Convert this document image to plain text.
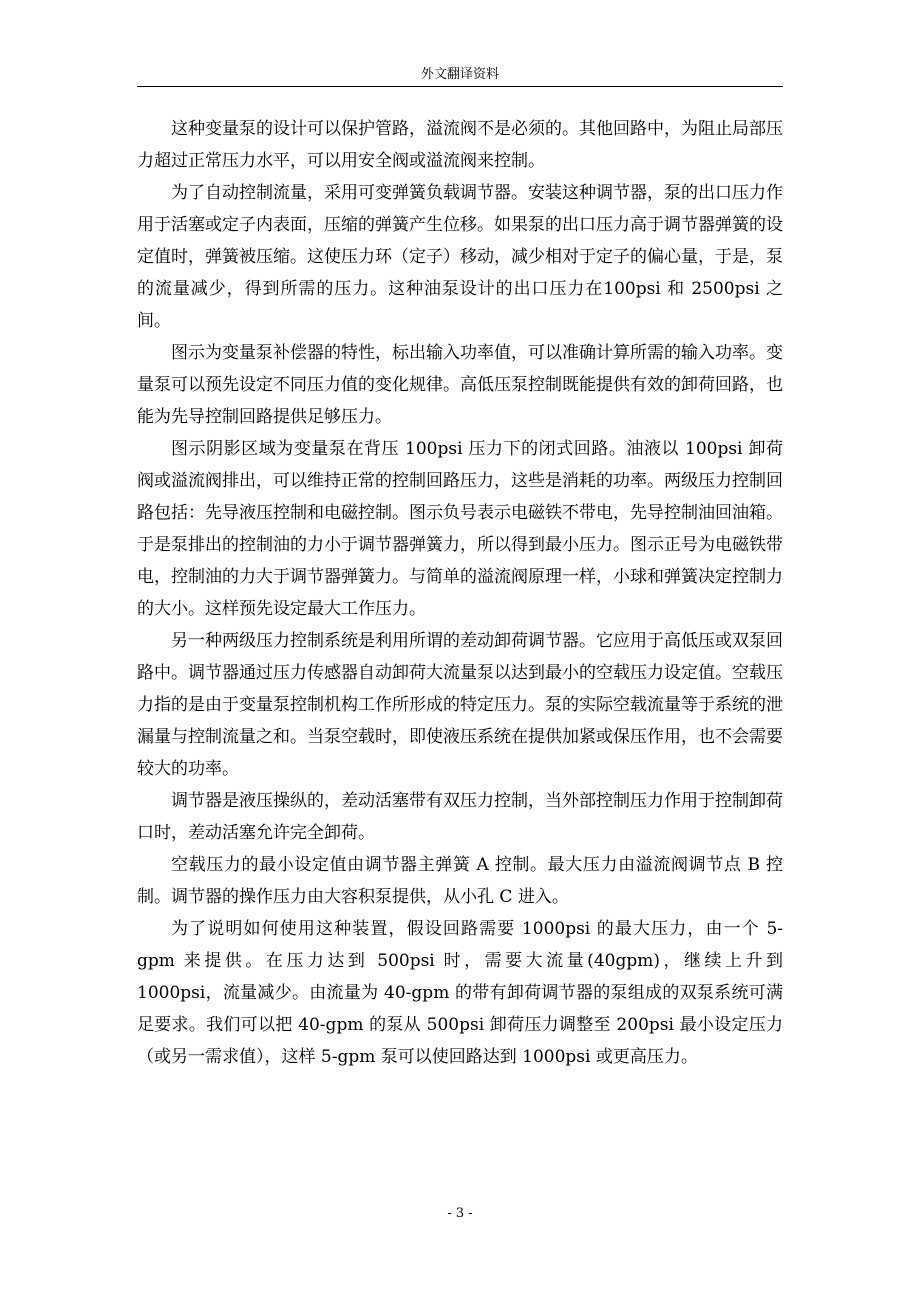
外文翻译资料

这种变量泵的设计可以保护管路，溢流阀不是必须的。其他回路中，为阻止局部压力超过正常压力水平，可以用安全阀或溢流阀来控制。

为了自动控制流量，采用可变弹簧负载调节器。安装这种调节器，泵的出口压力作用于活塞或定子内表面，压缩的弹簧产生位移。如果泵的出口压力高于调节器弹簧的设定值时，弹簧被压缩。这使压力环（定子）移动，减少相对于定子的偏心量，于是，泵的流量减少，得到所需的压力。这种油泵设计的出口压力在100psi 和 2500psi 之间。

图示为变量泵补偿器的特性，标出输入功率值，可以准确计算所需的输入功率。变量泵可以预先设定不同压力值的变化规律。高低压泵控制既能提供有效的卸荷回路，也能为先导控制回路提供足够压力。

图示阴影区域为变量泵在背压 100psi 压力下的闭式回路。油液以 100psi 卸荷阀或溢流阀排出，可以维持正常的控制回路压力，这些是消耗的功率。两级压力控制回路包括：先导液压控制和电磁控制。图示负号表示电磁铁不带电，先导控制油回油箱。于是泵排出的控制油的力小于调节器弹簧力，所以得到最小压力。图示正号为电磁铁带电，控制油的力大于调节器弹簧力。与简单的溢流阀原理一样，小球和弹簧决定控制力的大小。这样预先设定最大工作压力。

另一种两级压力控制系统是利用所谓的差动卸荷调节器。它应用于高低压或双泵回路中。调节器通过压力传感器自动卸荷大流量泵以达到最小的空载压力设定值。空载压力指的是由于变量泵控制机构工作所形成的特定压力。泵的实际空载流量等于系统的泄漏量与控制流量之和。当泵空载时，即使液压系统在提供加紧或保压作用，也不会需要较大的功率。

调节器是液压操纵的，差动活塞带有双压力控制，当外部控制压力作用于控制卸荷口时，差动活塞允许完全卸荷。

空载压力的最小设定值由调节器主弹簧 A 控制。最大压力由溢流阀调节点 B 控制。调节器的操作压力由大容积泵提供，从小孔 C 进入。

为了说明如何使用这种装置，假设回路需要 1000psi 的最大压力，由一个 5-gpm 来提供。在压力达到 500psi 时，需要大流量(40gpm)，继续上升到 1000psi，流量减少。由流量为 40-gpm 的带有卸荷调节器的泵组成的双泵系统可满足要求。我们可以把 40-gpm 的泵从 500psi 卸荷压力调整至 200psi 最小设定压力（或另一需求值），这样 5-gpm 泵可以使回路达到 1000psi 或更高压力。

- 3 -
